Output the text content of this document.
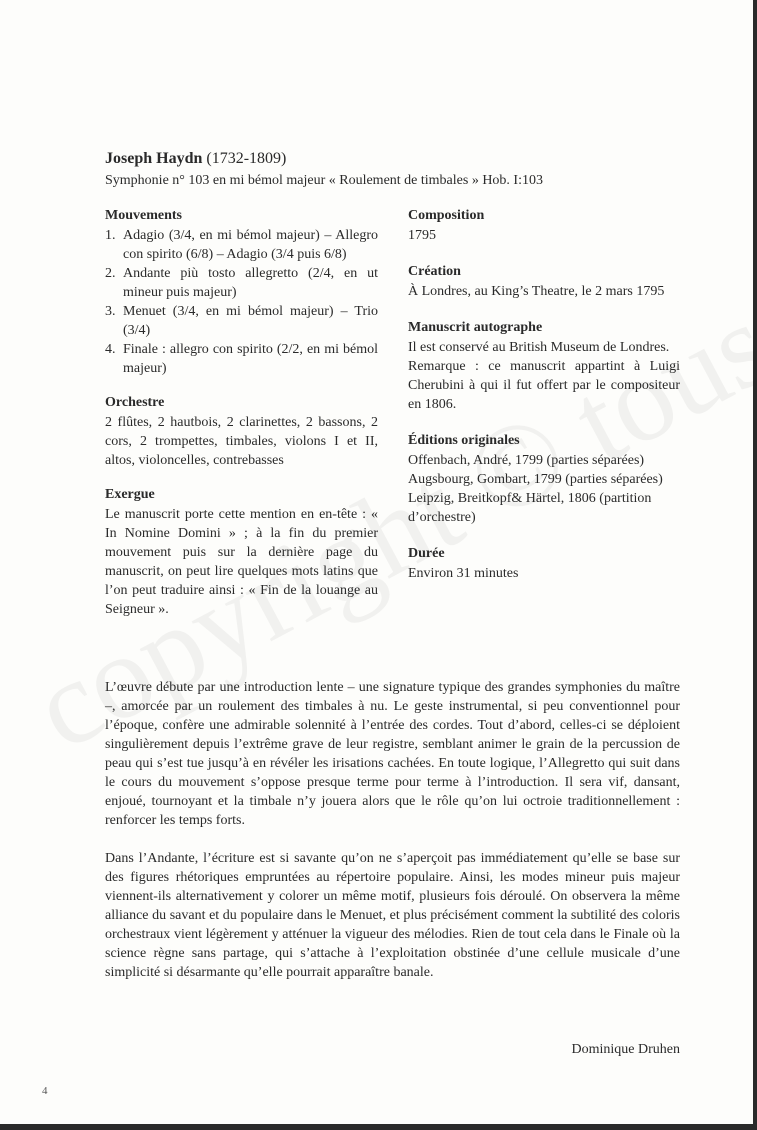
Joseph Haydn (1732-1809)
Symphonie n° 103 en mi bémol majeur « Roulement de timbales » Hob. I:103
Mouvements
1. Adagio (3/4, en mi bémol majeur) – Allegro con spirito (6/8) – Adagio (3/4 puis 6/8)
2. Andante più tosto allegretto (2/4, en ut mineur puis majeur)
3. Menuet (3/4, en mi bémol majeur) – Trio (3/4)
4. Finale : allegro con spirito (2/2, en mi bémol majeur)
Orchestre
2 flûtes, 2 hautbois, 2 clarinettes, 2 bassons, 2 cors, 2 trompettes, timbales, violons I et II, altos, violoncelles, contrebasses
Exergue
Le manuscrit porte cette mention en en-tête : « In Nomine Domini » ; à la fin du premier mouvement puis sur la dernière page du manuscrit, on peut lire quelques mots latins que l’on peut traduire ainsi : « Fin de la louange au Seigneur ».
Composition
1795
Création
À Londres, au King’s Theatre, le 2 mars 1795
Manuscrit autographe
Il est conservé au British Museum de Londres.
Remarque : ce manuscrit appartint à Luigi Cherubini à qui il fut offert par le compositeur en 1806.
Éditions originales
Offenbach, André, 1799 (parties séparées)
Augsbourg, Gombart, 1799 (parties séparées)
Leipzig, Breitkopf& Härtel, 1806 (partition d’orchestre)
Durée
Environ 31 minutes

L’œuvre débute par une introduction lente – une signature typique des grandes symphonies du maître –, amorcée par un roulement des timbales à nu. Le geste instrumental, si peu conventionnel pour l’époque, confère une admirable solennité à l’entrée des cordes. Tout d’abord, celles-ci se déploient singulièrement depuis l’extrême grave de leur registre, semblant animer le grain de la percussion de peau qui s’est tue jusqu’à en révéler les irisations cachées. En toute logique, l’Allegretto qui suit dans le cours du mouvement s’oppose presque terme pour terme à l’introduction. Il sera vif, dansant, enjoué, tournoyant et la timbale n’y jouera alors que le rôle qu’on lui octroie traditionnellement : renforcer les temps forts.

Dans l’Andante, l’écriture est si savante qu’on ne s’aperçoit pas immédiatement qu’elle se base sur des figures rhétoriques empruntées au répertoire populaire. Ainsi, les modes mineur puis majeur viennent-ils alternativement y colorer un même motif, plusieurs fois déroulé. On observera la même alliance du savant et du populaire dans le Menuet, et plus précisément comment la subtilité des coloris orchestraux vient légèrement y atténuer la vigueur des mélodies. Rien de tout cela dans le Finale où la science règne sans partage, qui s’attache à l’exploitation obstinée d’une cellule musicale d’une simplicité si désarmante qu’elle pourrait apparaître banale.

Dominique Druhen
4
